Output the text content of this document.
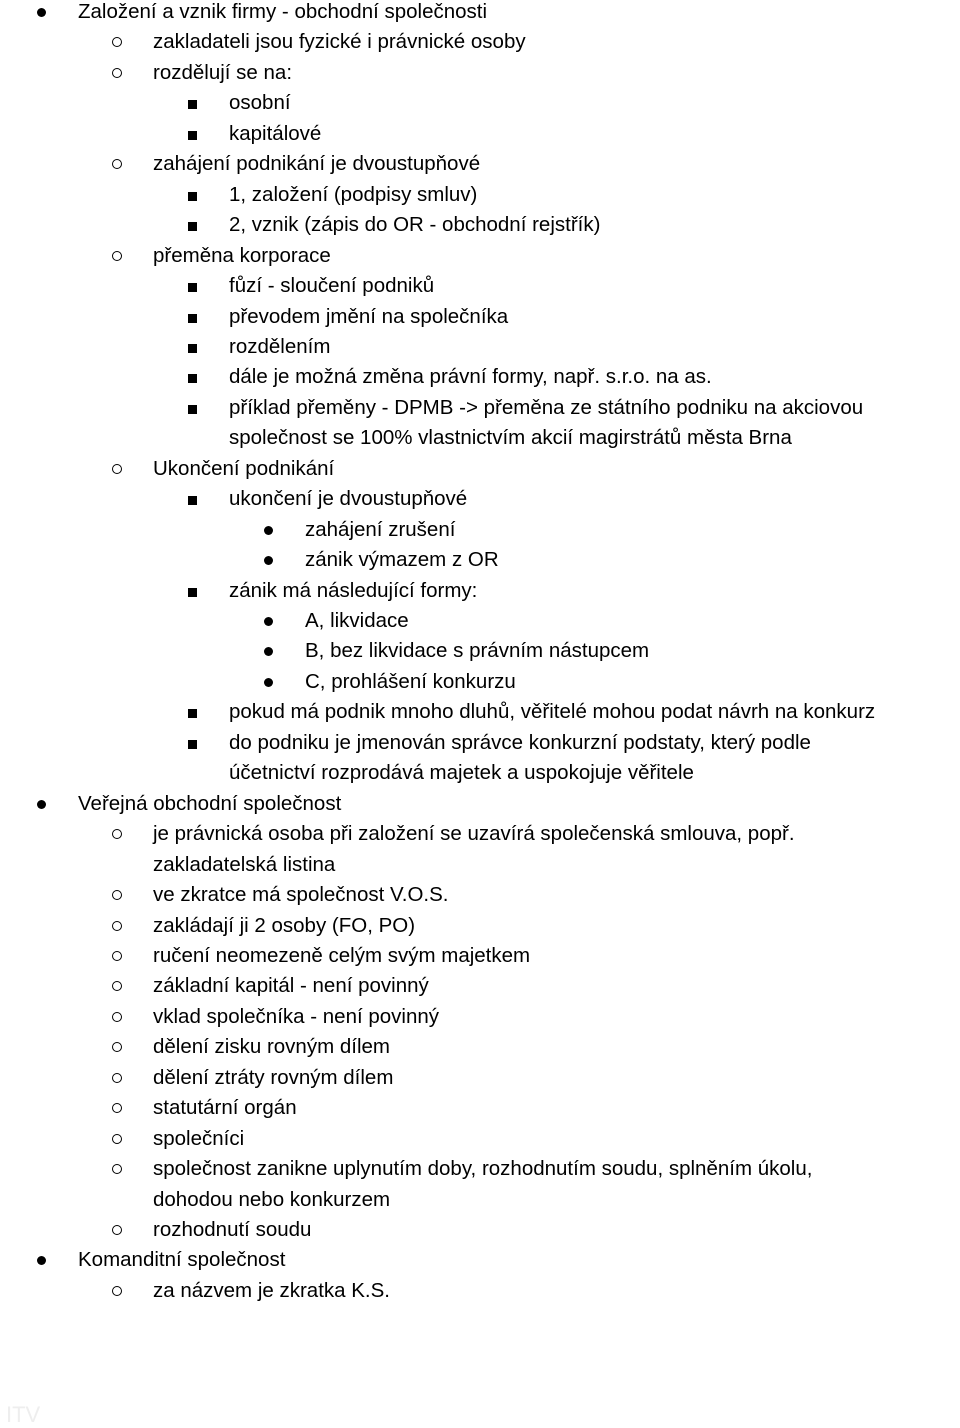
Založení a vznik firmy - obchodní společnosti
zakladateli jsou fyzické i právnické osoby
rozdělují se na:
osobní
kapitálové
zahájení podnikání je dvoustupňové
1, založení (podpisy smluv)
2, vznik (zápis do OR - obchodní rejstřík)
přeměna korporace
fůzí - sloučení podniků
převodem jmění na společníka
rozdělením
dále je možná změna právní formy, např. s.r.o. na as.
příklad přeměny - DPMB -> přeměna ze státního podniku na akciovou
společnost se 100% vlastnictvím akcií magirstrátů města Brna
Ukončení podnikání
ukončení je dvoustupňové
zahájení zrušení
zánik výmazem z OR
zánik má následující formy:
A, likvidace
B, bez likvidace s právním nástupcem
C, prohlášení konkurzu
pokud má podnik mnoho dluhů, věřitelé mohou podat návrh na konkurz
do podniku je jmenován správce konkurzní podstaty, který podle
účetnictví rozprodává majetek a uspokojuje věřitele
Veřejná obchodní společnost
je právnická osoba při založení se uzavírá společenská smlouva, popř.
zakladatelská listina
ve zkratce má společnost V.O.S.
zakládají ji 2 osoby (FO, PO)
ručení neomezeně celým svým majetkem
základní kapitál - není povinný
vklad společníka - není povinný
dělení zisku rovným dílem
dělení ztráty rovným dílem
statutární orgán
společníci
společnost zanikne uplynutím doby, rozhodnutím soudu, splněním úkolu,
dohodou nebo konkurzem
rozhodnutí soudu
Komanditní společnost
za názvem je zkratka K.S.
ITV
